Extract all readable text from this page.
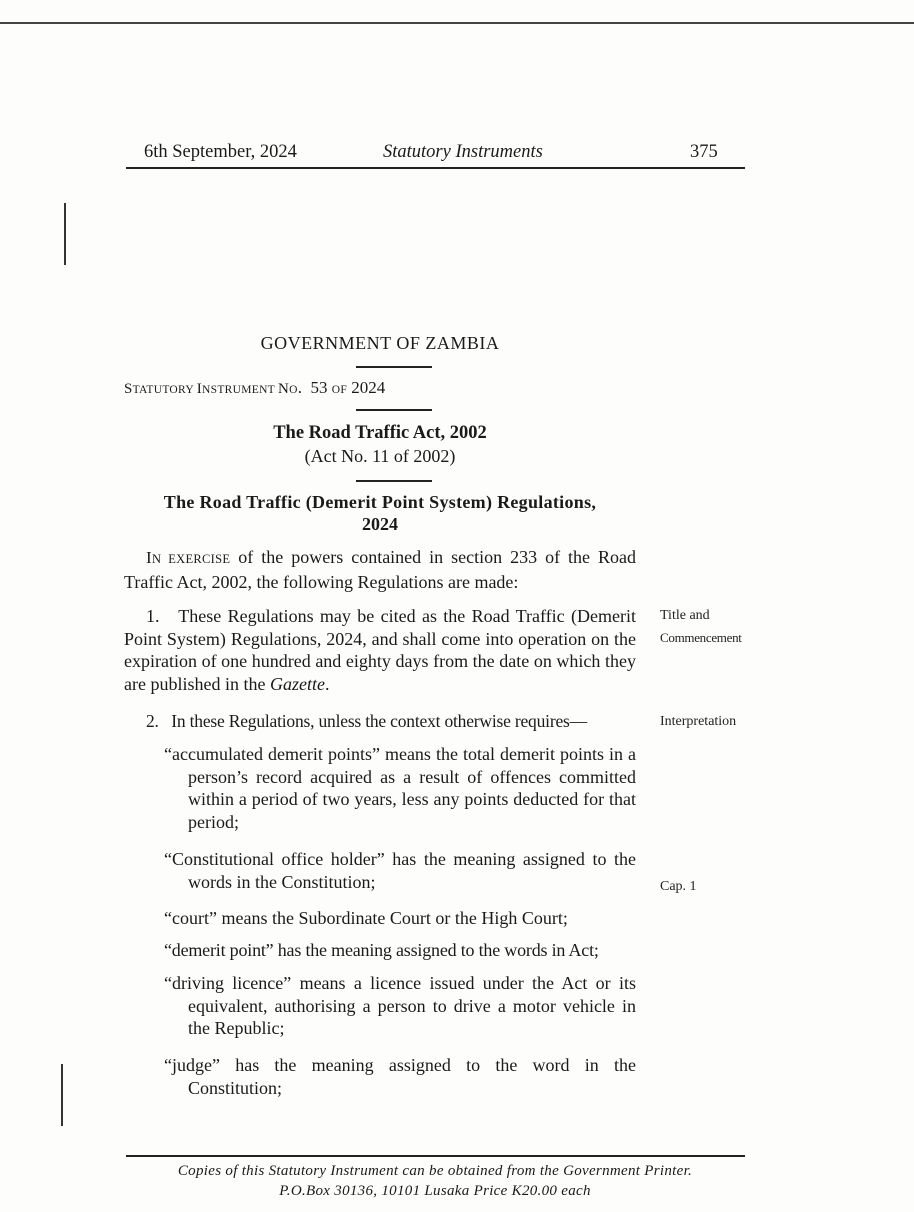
6th September, 2024	Statutory Instruments	375
GOVERNMENT OF ZAMBIA
STATUTORY INSTRUMENT NO.  53 OF 2024
The Road Traffic Act, 2002
(Act No. 11 of 2002)
The Road Traffic (Demerit Point System) Regulations,
2024
IN EXERCISE of the powers contained in section 233 of the Road Traffic Act, 2002, the following Regulations are made:
1.   These Regulations may be cited as the Road Traffic (Demerit Point System) Regulations, 2024, and shall come into operation on the expiration of one hundred and eighty days from the date on which they are published in the Gazette.
Title and
Commencement
2.   In these Regulations, unless the context otherwise requires—	Interpretation
“accumulated demerit points” means the total demerit points in a person’s record acquired as a result of offences committed within a period of two years, less any points deducted for that period;
“Constitutional office holder” has the meaning assigned to the words in the Constitution;	Cap. 1
“court” means the Subordinate Court or the High Court;
“demerit point” has the meaning assigned to the words in Act;
“driving licence” means a licence issued under the Act or its equivalent, authorising a person to drive a motor vehicle in the Republic;
“judge” has the meaning assigned to the word in the Constitution;
Copies of this Statutory Instrument can be obtained from the Government Printer.
P.O.Box 30136, 10101 Lusaka Price K20.00 each
